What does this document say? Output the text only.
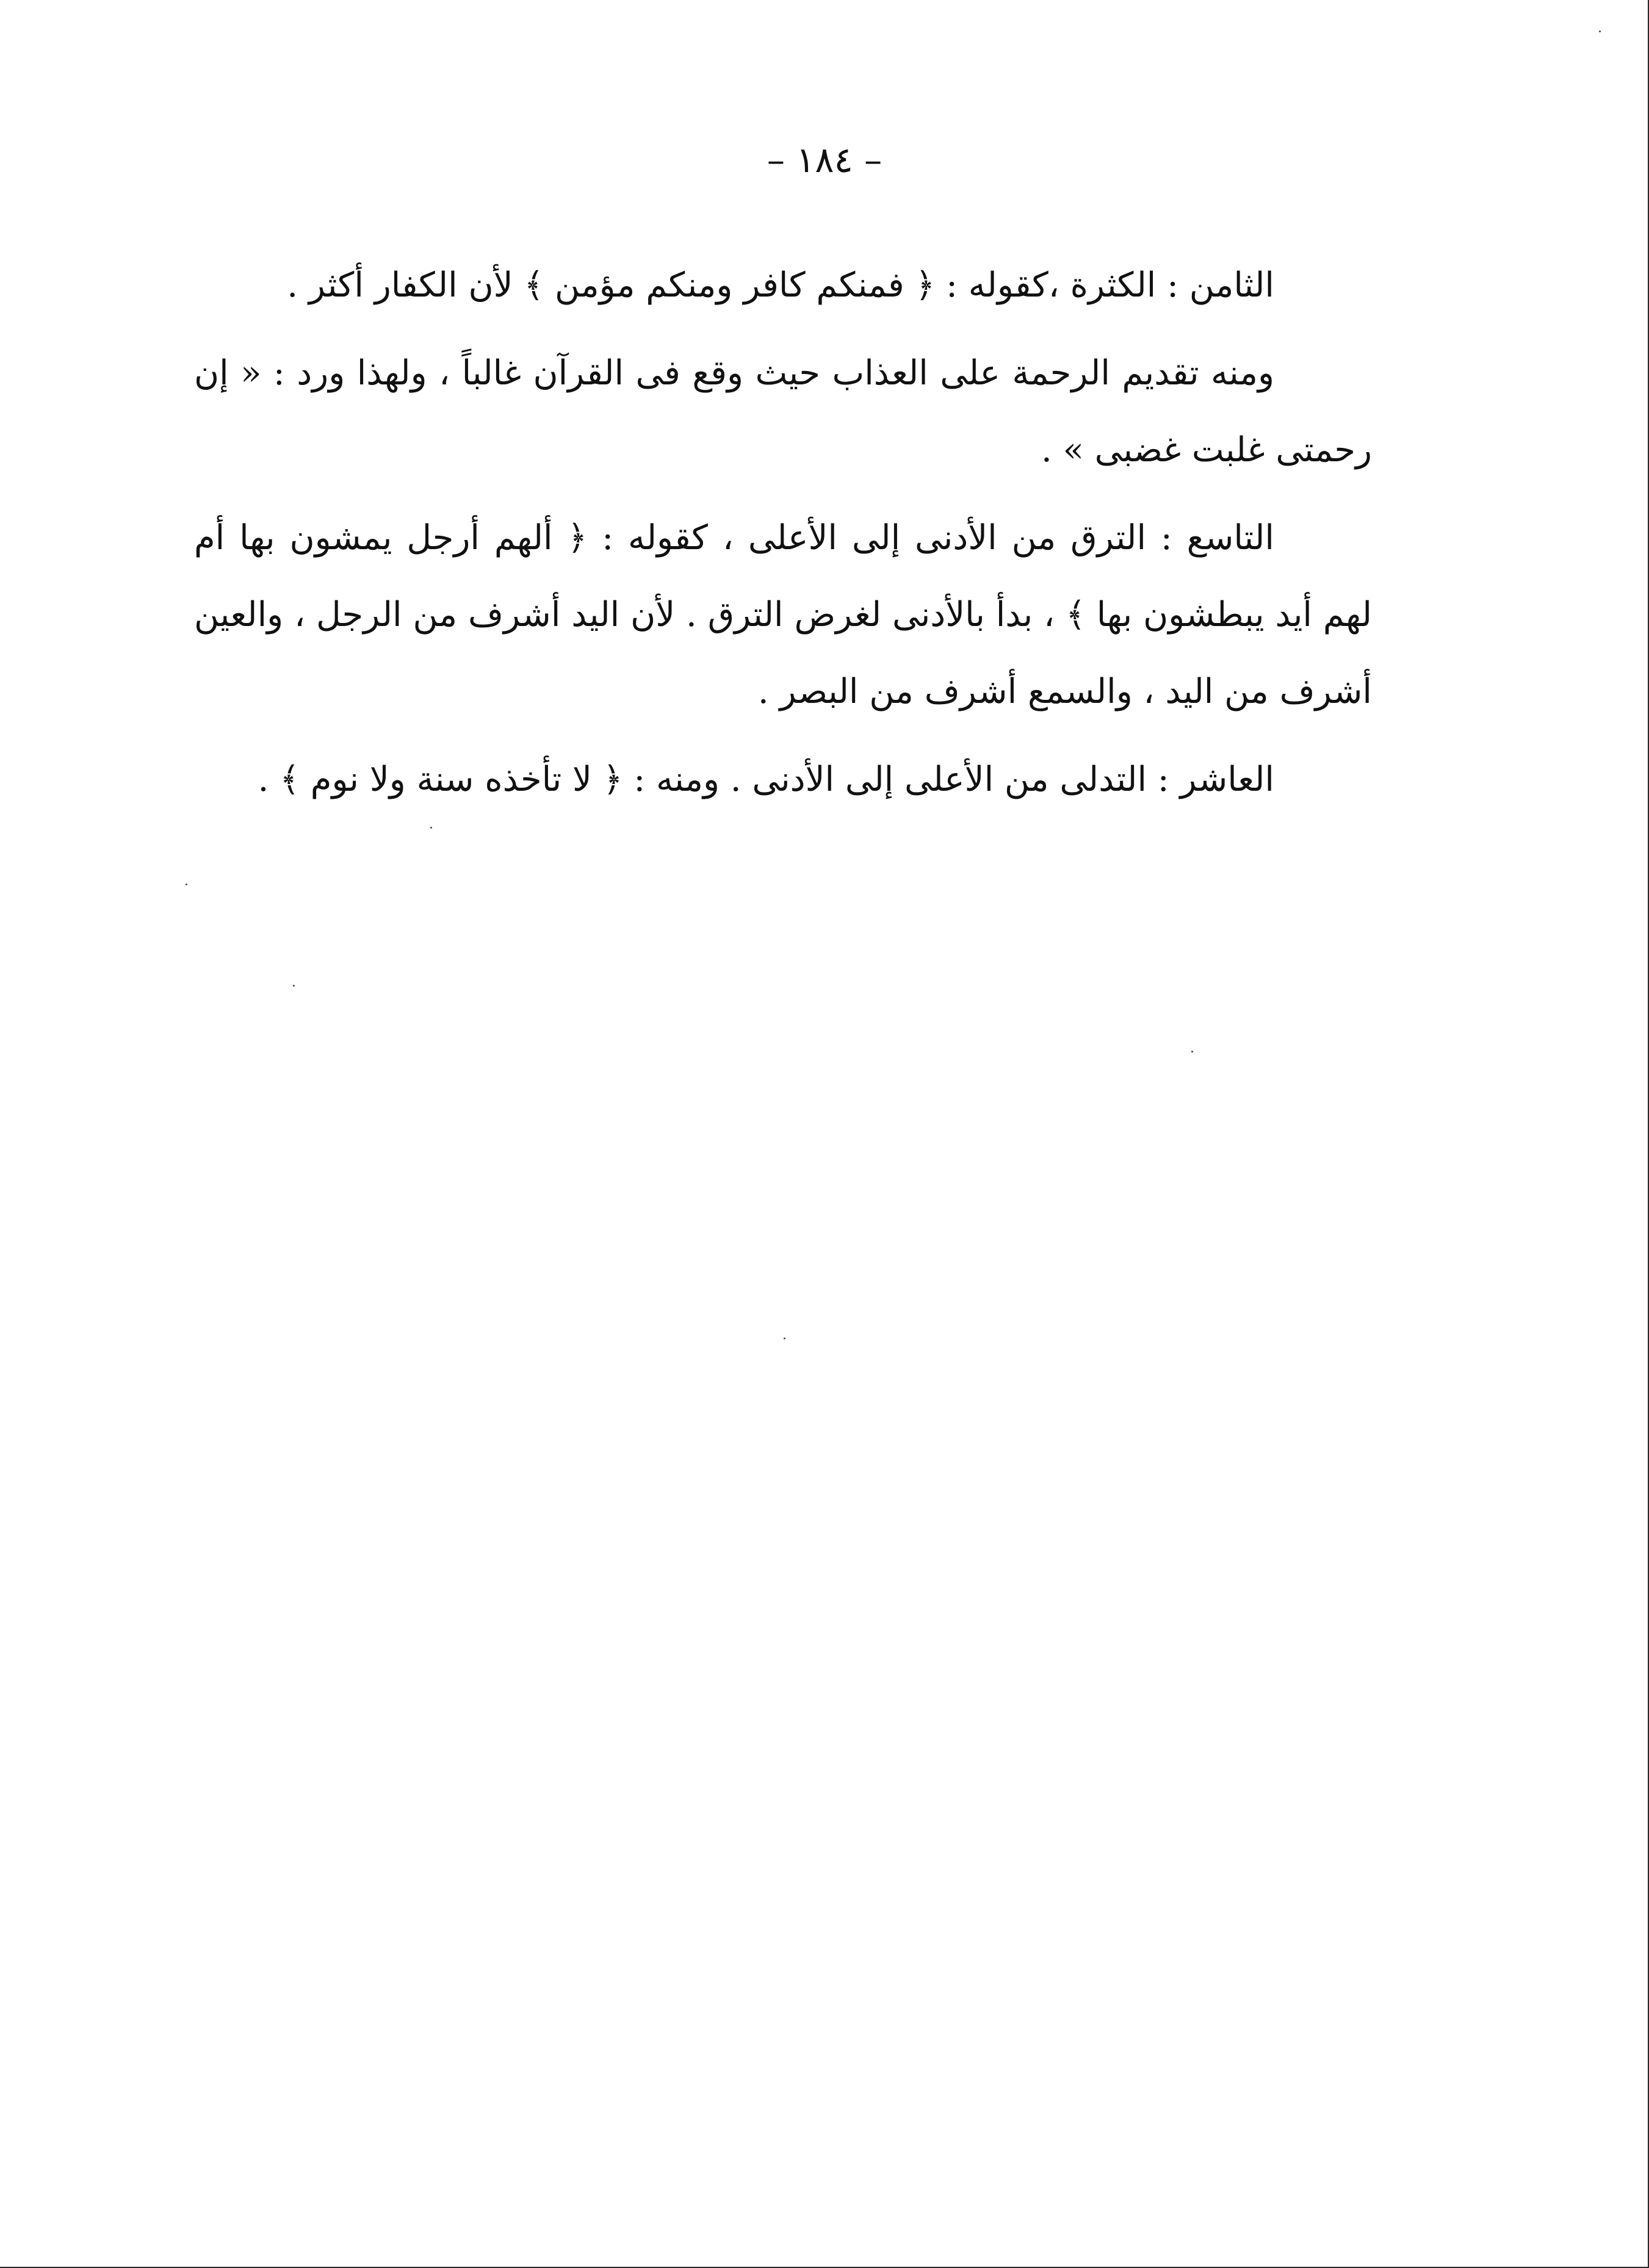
– ١٨٤ –

الثامن : الكثرة ،كقوله : ﴿ فمنكم كافر ومنكم مؤمن ﴾ لأن الكفار أكثر .

ومنه تقديم الرحمة على العذاب حيث وقع فى القرآن غالباً ، ولهذا ورد : « إن رحمتى غلبت غضبى » .

التاسع : الترق من الأدنى إلى الأعلى ، كقوله : ﴿ ألهم أرجل يمشون بها أم لهم أيد يبطشون بها ﴾ ، بدأ بالأدنى لغرض الترق . لأن اليد أشرف من الرجل ، والعين أشرف من اليد ، والسمع أشرف من البصر .

العاشر : التدلى من الأعلى إلى الأدنى . ومنه : ﴿ لا تأخذه سنة ولا نوم ﴾ .
